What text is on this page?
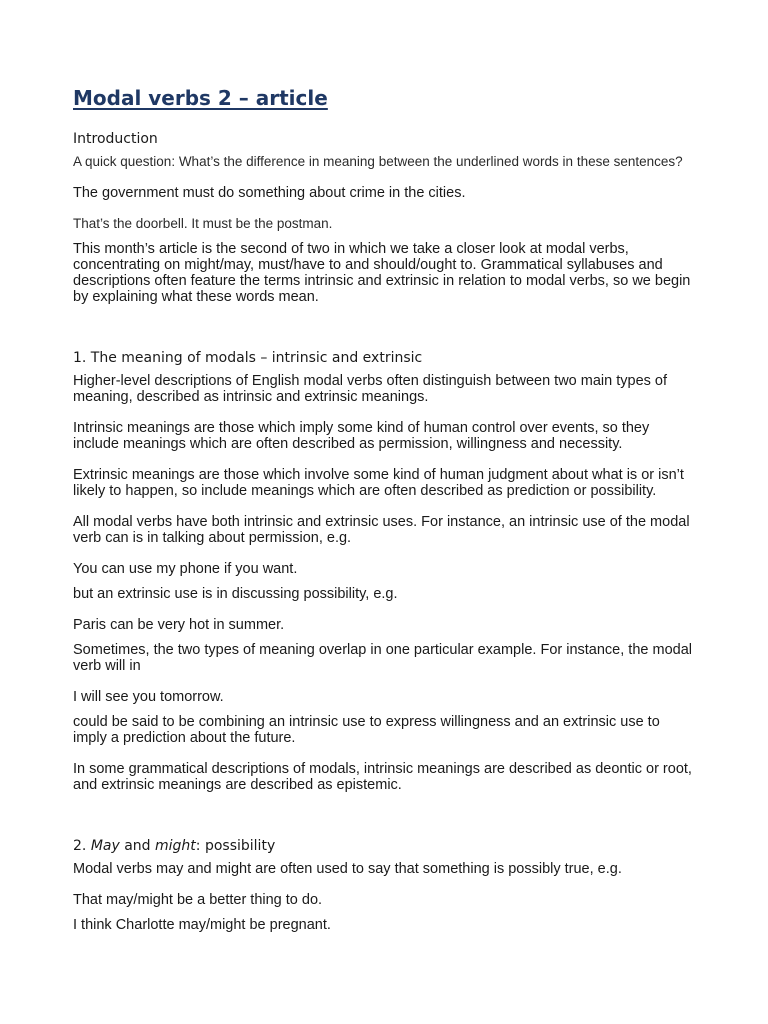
Modal verbs 2 – article
Introduction

A quick question: What’s the difference in meaning between the underlined words in these sentences?

The government must do something about crime in the cities.

That’s the doorbell. It must be the postman.

This month’s article is the second of two in which we take a closer look at modal verbs, concentrating on might/may, must/have to and should/ought to. Grammatical syllabuses and descriptions often feature the terms intrinsic and extrinsic in relation to modal verbs, so we begin by explaining what these words mean.

1. The meaning of modals – intrinsic and extrinsic

Higher-level descriptions of English modal verbs often distinguish between two main types of meaning, described as intrinsic and extrinsic meanings.

Intrinsic meanings are those which imply some kind of human control over events, so they include meanings which are often described as permission, willingness and necessity.

Extrinsic meanings are those which involve some kind of human judgment about what is or isn’t likely to happen, so include meanings which are often described as prediction or possibility.

All modal verbs have both intrinsic and extrinsic uses. For instance, an intrinsic use of the modal verb can is in talking about permission, e.g.

You can use my phone if you want.

but an extrinsic use is in discussing possibility, e.g.

Paris can be very hot in summer.

Sometimes, the two types of meaning overlap in one particular example. For instance, the modal verb will in

I will see you tomorrow.

could be said to be combining an intrinsic use to express willingness and an extrinsic use to imply a prediction about the future.

In some grammatical descriptions of modals, intrinsic meanings are described as deontic or root, and extrinsic meanings are described as epistemic.

2. May and might: possibility

Modal verbs may and might are often used to say that something is possibly true, e.g.

That may/might be a better thing to do.

I think Charlotte may/might be pregnant.
